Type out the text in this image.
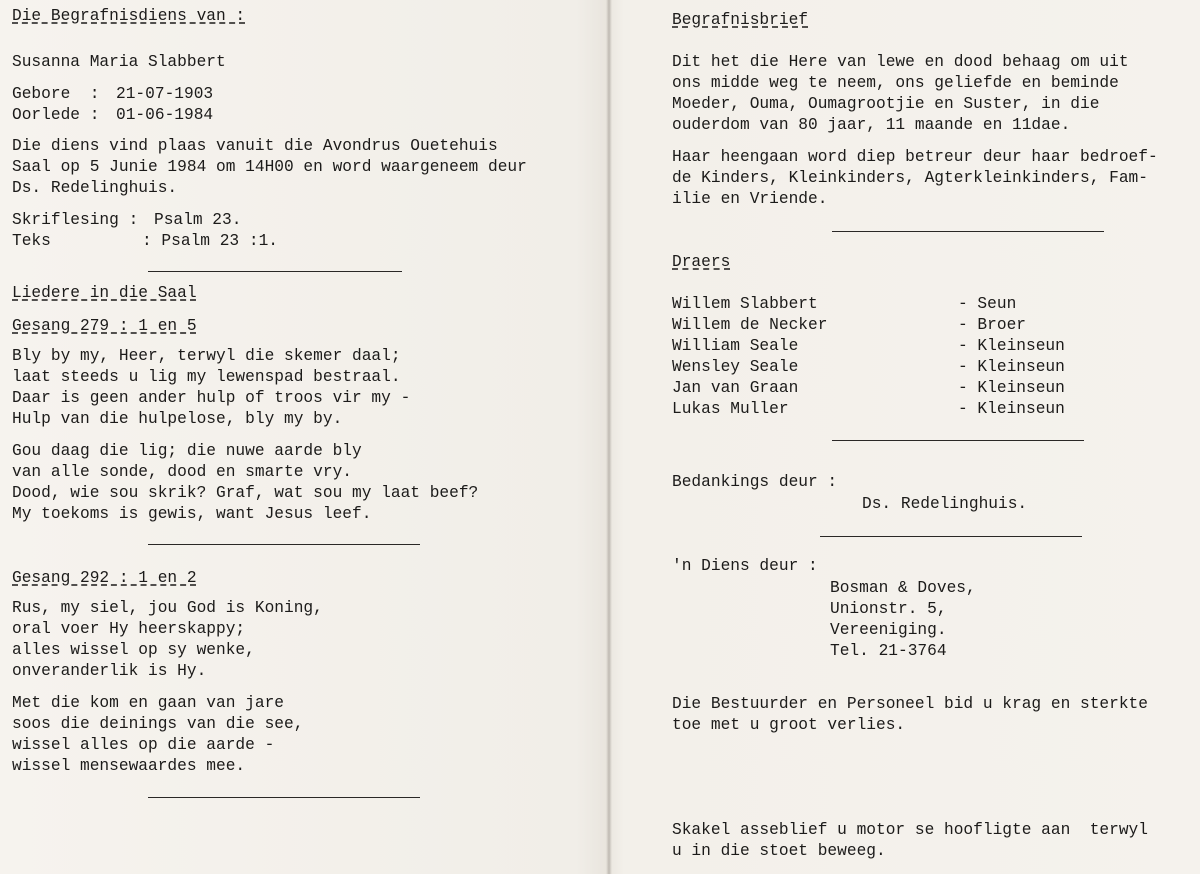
Die Begrafnisdiens van :
Susanna Maria Slabbert
Gebore  : 21-07-1903
Oorlede : 01-06-1984
Die diens vind plaas vanuit die Avondrus Ouetehuis
Saal op 5 Junie 1984 om 14H00 en word waargeneem deur
Ds. Redelinghuis.
Skriflesing : Psalm 23.
Teks	: Psalm 23 :1.
Liedere in die Saal
Gesang 279 : 1 en 5
Bly by my, Heer, terwyl die skemer daal;
laat steeds u lig my lewenspad bestraal.
Daar is geen ander hulp of troos vir my -
Hulp van die hulpelose, bly my by.
Gou daag die lig; die nuwe aarde bly
van alle sonde, dood en smarte vry.
Dood, wie sou skrik? Graf, wat sou my laat beef?
My toekoms is gewis, want Jesus leef.
Gesang 292 : 1 en 2
Rus, my siel, jou God is Koning,
oral voer Hy heerskappy;
alles wissel op sy wenke,
onveranderlik is Hy.
Met die kom en gaan van jare
soos die deinings van die see,
wissel alles op die aarde -
wissel mensewaardes mee.
Begrafnisbrief
Dit het die Here van lewe en dood behaag om uit
ons midde weg te neem, ons geliefde en beminde
Moeder, Ouma, Oumagrootjie en Suster, in die
ouderdom van 80 jaar, 11 maande en 11dae.
Haar heengaan word diep betreur deur haar bedroef-
de Kinders, Kleinkinders, Agterkleinkinders, Fam-
ilie en Vriende.
Draers
Willem Slabbert
Willem de Necker
William Seale
Wensley Seale
Jan van Graan
Lukas Muller
- Seun
- Broer
- Kleinseun
- Kleinseun
- Kleinseun
- Kleinseun
Bedankings deur :
Ds. Redelinghuis.
'n Diens deur :
Bosman & Doves,
Unionstr. 5,
Vereeniging.
Tel. 21-3764
Die Bestuurder en Personeel bid u krag en sterkte
toe met u groot verlies.
Skakel asseblief u motor se hoofligte aan  terwyl
u in die stoet beweeg.
